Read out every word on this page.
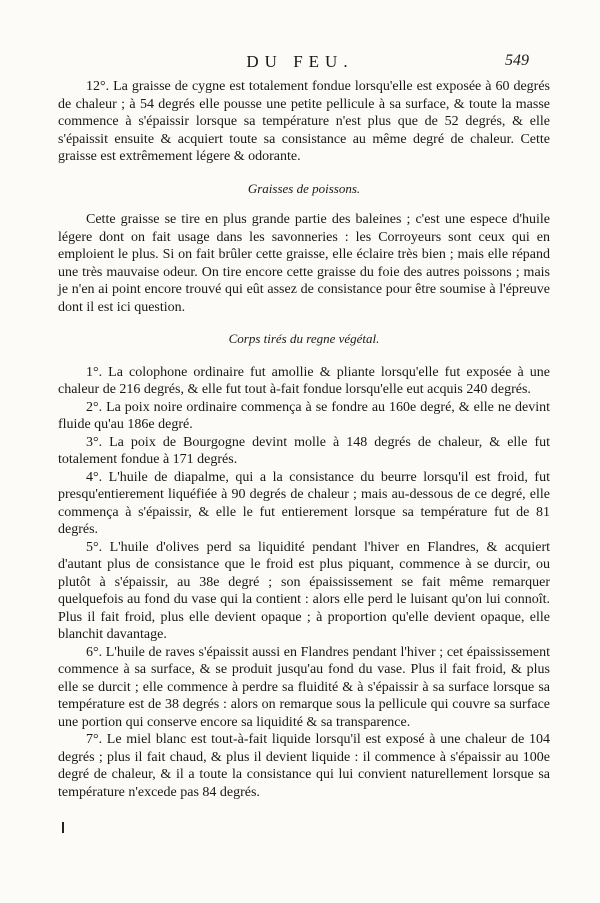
DU FEU.	549

12°. La graisse de cygne est totalement fondue lorsqu'elle est exposée à 60 degrés de chaleur ; à 54 degrés elle pousse une petite pellicule à sa surface, & toute la masse commence à s'épaissir lorsque sa température n'est plus que de 52 degrés, & elle s'épaissit ensuite & acquiert toute sa consistance au même degré de chaleur. Cette graisse est extrêmement légere & odorante.

Graisses de poissons.

Cette graisse se tire en plus grande partie des baleines ; c'est une espece d'huile légere dont on fait usage dans les savonneries : les Corroyeurs sont ceux qui en emploient le plus. Si on fait brûler cette graisse, elle éclaire très bien ; mais elle répand une très mauvaise odeur. On tire encore cette graisse du foie des autres poissons ; mais je n'en ai point encore trouvé qui eût assez de consistance pour être soumise à l'épreuve dont il est ici question.

Corps tirés du regne végétal.

1°. La colophone ordinaire fut amollie & pliante lorsqu'elle fut exposée à une chaleur de 216 degrés, & elle fut tout à-fait fondue lorsqu'elle eut acquis 240 degrés.

2°. La poix noire ordinaire commença à se fondre au 160e degré, & elle ne devint fluide qu'au 186e degré.

3°. La poix de Bourgogne devint molle à 148 degrés de chaleur, & elle fut totalement fondue à 171 degrés.

4°. L'huile de diapalme, qui a la consistance du beurre lorsqu'il est froid, fut presqu'entierement liquéfiée à 90 degrés de chaleur ; mais au-dessous de ce degré, elle commença à s'épaissir, & elle le fut entierement lorsque sa température fut de 81 degrés.

5°. L'huile d'olives perd sa liquidité pendant l'hiver en Flandres, & acquiert d'autant plus de consistance que le froid est plus piquant, commence à se durcir, ou plutôt à s'épaissir, au 38e degré ; son épaississement se fait même remarquer quelquefois au fond du vase qui la contient : alors elle perd le luisant qu'on lui connoît. Plus il fait froid, plus elle devient opaque ; à proportion qu'elle devient opaque, elle blanchit davantage.

6°. L'huile de raves s'épaissit aussi en Flandres pendant l'hiver ; cet épaississement commence à sa surface, & se produit jusqu'au fond du vase. Plus il fait froid, & plus elle se durcit ; elle commence à perdre sa fluidité & à s'épaissir à sa surface lorsque sa température est de 38 degrés : alors on remarque sous la pellicule qui couvre sa surface une portion qui conserve encore sa liquidité & sa transparence.

7°. Le miel blanc est tout-à-fait liquide lorsqu'il est exposé à une chaleur de 104 degrés ; plus il fait chaud, & plus il devient liquide : il commence à s'épaissir au 100e degré de chaleur, & il a toute la consistance qui lui convient naturellement lorsque sa température n'excede pas 84 degrés.
